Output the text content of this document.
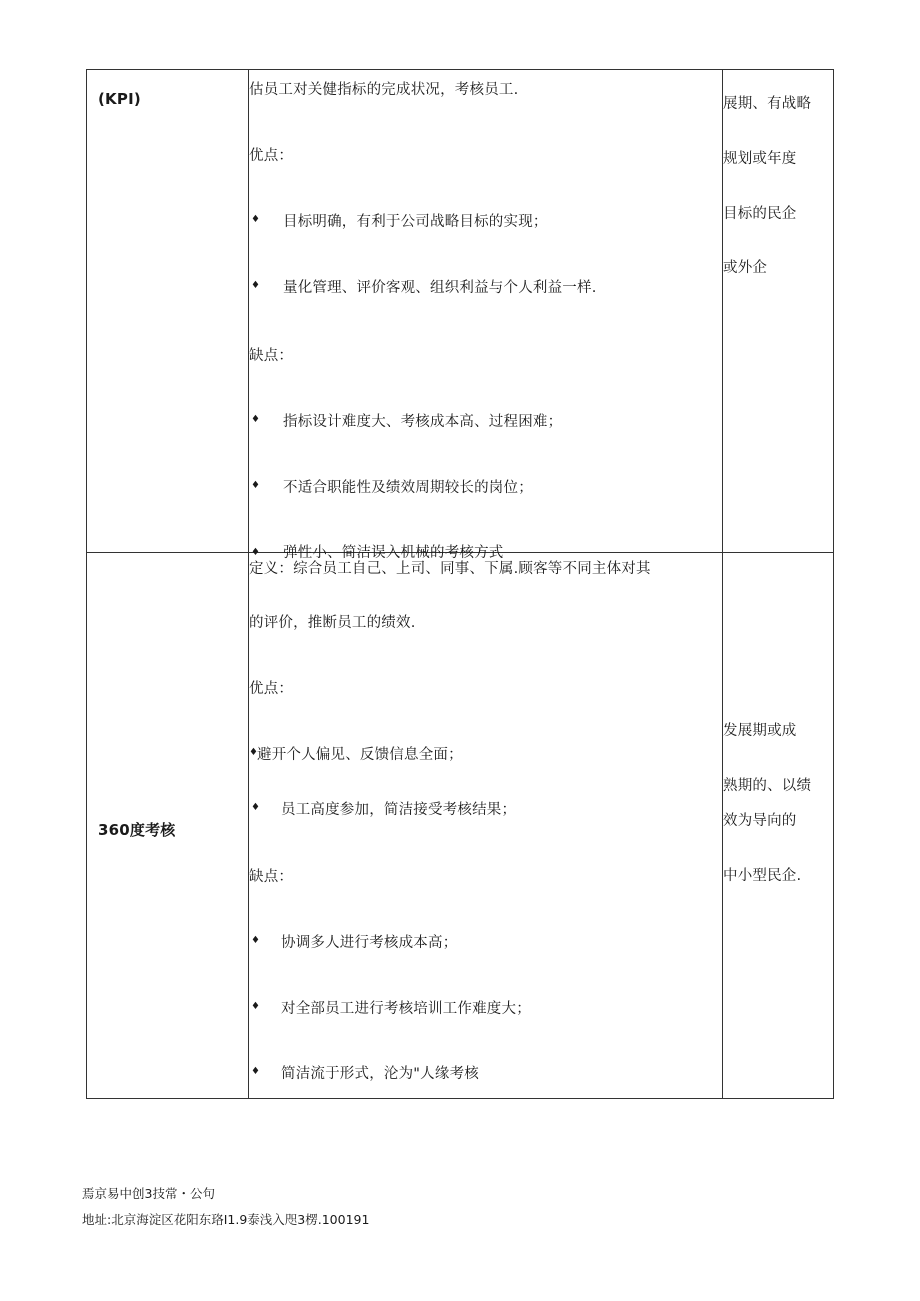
(KPI)	估员工对关健指标的完成状况，考核员工.
优点：
♦ 目标明确，有利于公司战略目标的实现；
♦ 量化管理、评价客观、组织利益与个人利益一样.
缺点：
♦ 指标设计难度大、考核成本高、过程困难；
♦ 不适合职能性及绩效周期较长的岗位；
♦ 弹性小、简洁误入机械的考核方式
展期、有战略
规划或年度
目标的民企
或外企
360度考核
定义：综合员工自己、上司、同事、下属.顾客等不同主体对其
的评价，推断员工的绩效.
优点：
♦ 避开个人偏见、反馈信息全面；
♦ 员工高度参加，简洁接受考核结果；
缺点：
♦ 协调多人进行考核成本高；
♦ 对全部员工进行考核培训工作难度大；
♦ 简洁流于形式，沦为"人缘考核
发展期或成
熟期的、以绩
效为导向的
中小型民企.
焉京易中创3技常・公句
地址:北京海淀区花阳东珞I1.9泰浅入咫3楞.100191
